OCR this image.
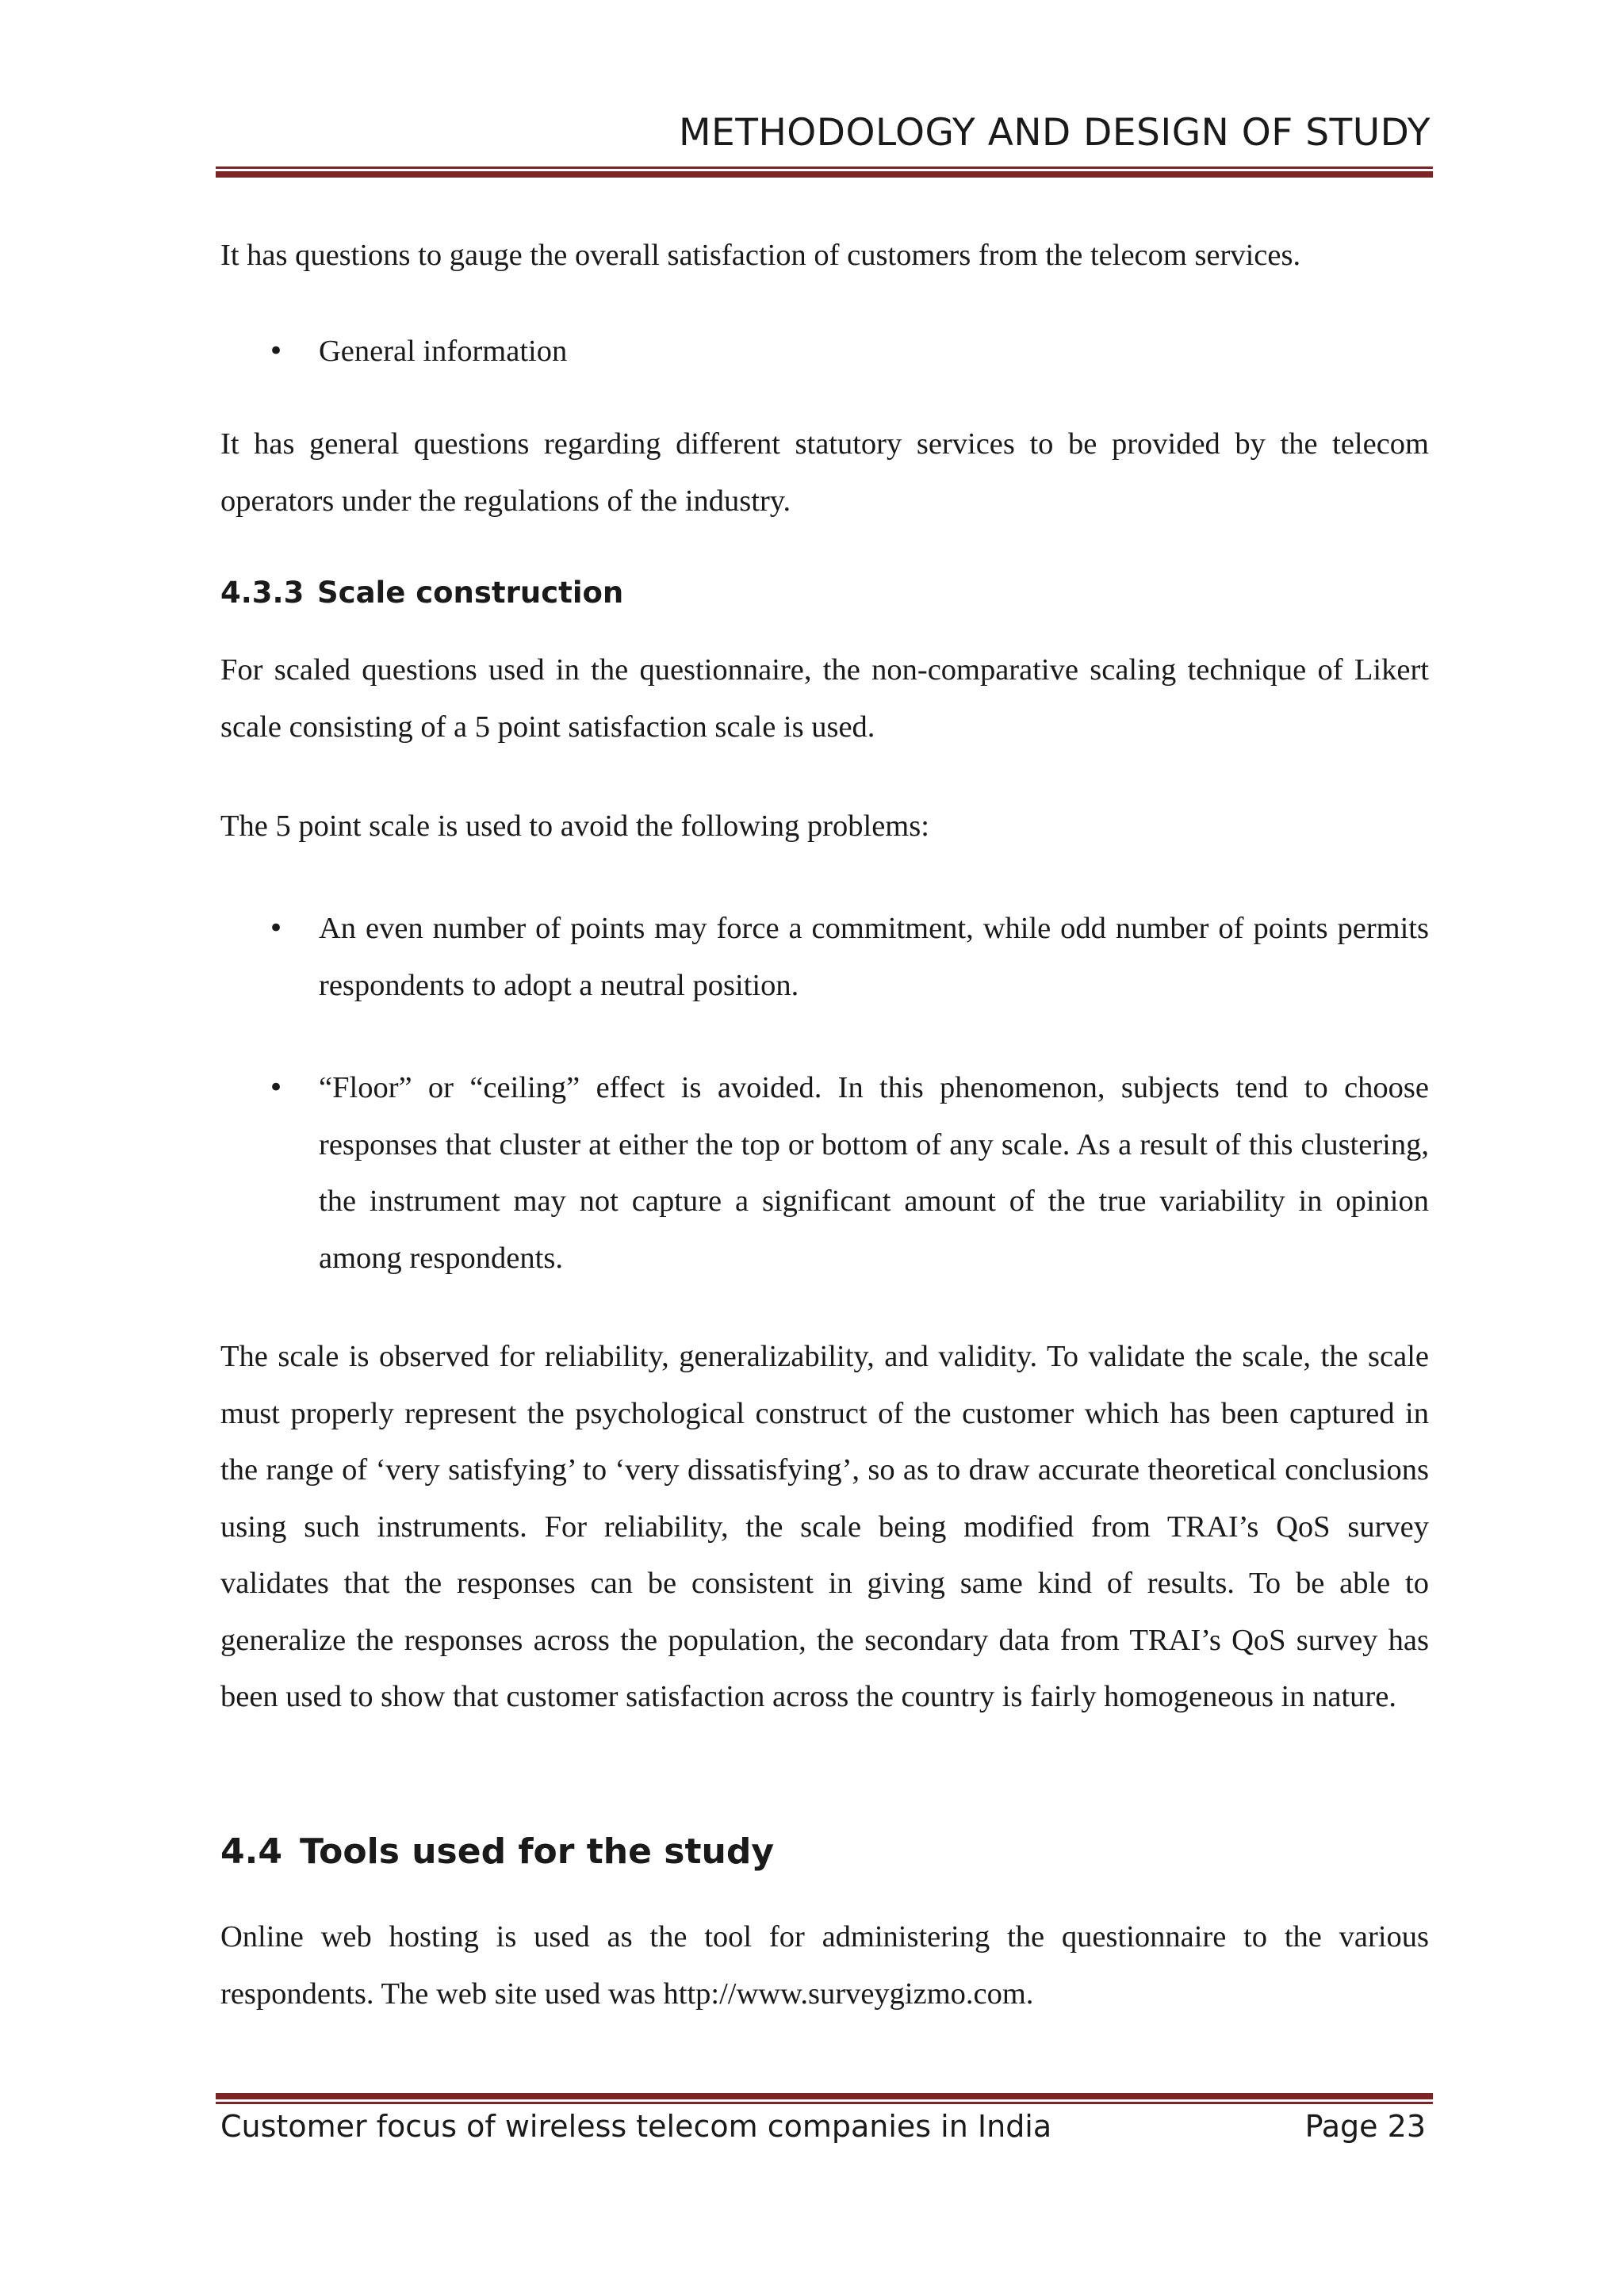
METHODOLOGY AND DESIGN OF STUDY

It has questions to gauge the overall satisfaction of customers from the telecom services.

• General information

It has general questions regarding different statutory services to be provided by the telecom operators under the regulations of the industry.

4.3.3 Scale construction

For scaled questions used in the questionnaire, the non-comparative scaling technique of Likert scale consisting of a 5 point satisfaction scale is used.

The 5 point scale is used to avoid the following problems:

• An even number of points may force a commitment, while odd number of points permits respondents to adopt a neutral position.
• “Floor” or “ceiling” effect is avoided. In this phenomenon, subjects tend to choose responses that cluster at either the top or bottom of any scale. As a result of this clustering, the instrument may not capture a significant amount of the true variability in opinion among respondents.

The scale is observed for reliability, generalizability, and validity. To validate the scale, the scale must properly represent the psychological construct of the customer which has been captured in the range of ‘very satisfying’ to ‘very dissatisfying’, so as to draw accurate theoretical conclusions using such instruments. For reliability, the scale being modified from TRAI’s QoS survey validates that the responses can be consistent in giving same kind of results. To be able to generalize the responses across the population, the secondary data from TRAI’s QoS survey has been used to show that customer satisfaction across the country is fairly homogeneous in nature.

4.4 Tools used for the study

Online web hosting is used as the tool for administering the questionnaire to the various respondents. The web site used was http://www.surveygizmo.com.

Customer focus of wireless telecom companies in India	Page 23
